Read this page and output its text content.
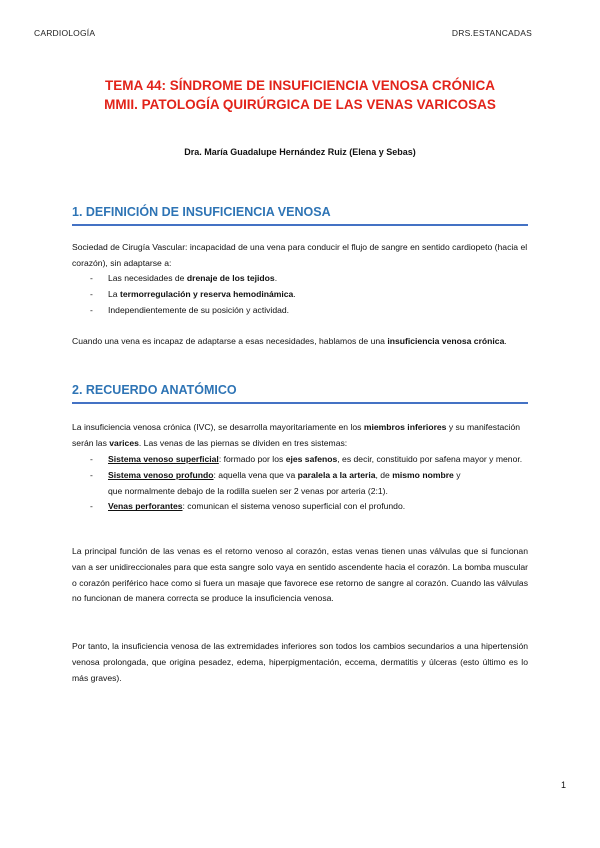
CARDIOLOGÍA	DRS.ESTANCADAS
TEMA 44: SÍNDROME DE INSUFICIENCIA VENOSA CRÓNICA
MMII. PATOLOGÍA QUIRÚRGICA DE LAS VENAS VARICOSAS
Dra. María Guadalupe Hernández Ruiz (Elena y Sebas)
1. DEFINICIÓN DE INSUFICIENCIA VENOSA
Sociedad de Cirugía Vascular: incapacidad de una vena para conducir el flujo de sangre en sentido cardiopeto (hacia el corazón), sin adaptarse a:
- Las necesidades de drenaje de los tejidos.
- La termorregulación y reserva hemodinámica.
- Independientemente de su posición y actividad.
Cuando una vena es incapaz de adaptarse a esas necesidades, hablamos de una insuficiencia venosa crónica.
2. RECUERDO ANATÓMICO
La insuficiencia venosa crónica (IVC), se desarrolla mayoritariamente en los miembros inferiores y su manifestación serán las varices. Las venas de las piernas se dividen en tres sistemas:
- Sistema venoso superficial: formado por los ejes safenos, es decir, constituido por safena mayor y menor.
- Sistema venoso profundo: aquella vena que va paralela a la arteria, de mismo nombre y
que normalmente debajo de la rodilla suelen ser 2 venas por arteria (2:1).
- Venas perforantes: comunican el sistema venoso superficial con el profundo.
La principal función de las venas es el retorno venoso al corazón, estas venas tienen unas válvulas que si funcionan van a ser unidireccionales para que esta sangre solo vaya en sentido ascendente hacia el corazón. La bomba muscular o corazón periférico hace como si fuera un masaje que favorece ese retorno de sangre al corazón. Cuando las válvulas no funcionan de manera correcta se produce la insuficiencia venosa.
Por tanto, la insuficiencia venosa de las extremidades inferiores son todos los cambios secundarios a una hipertensión venosa prolongada, que origina pesadez, edema, hiperpigmentación, eccema, dermatitis y úlceras (esto último es lo más graves).
1
